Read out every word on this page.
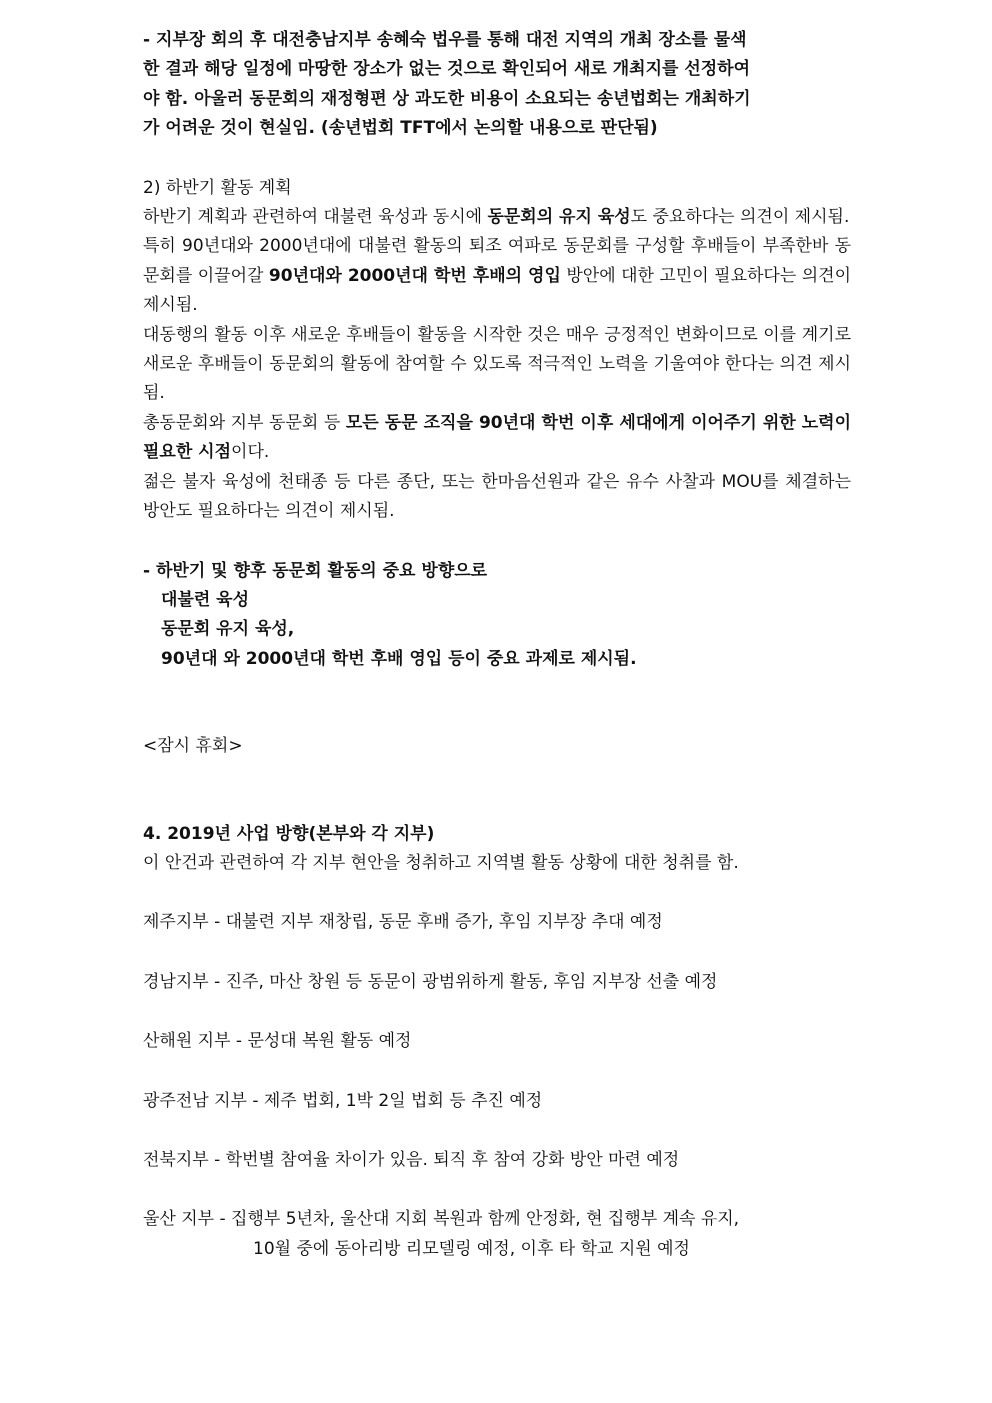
- 지부장 회의 후 대전충남지부 송혜숙 법우를 통해 대전 지역의 개최 장소를 물색

한 결과 해당 일정에 마땅한 장소가 없는 것으로 확인되어 새로 개최지를 선정하여

야 함. 아울러 동문회의 재정형편 상 과도한 비용이 소요되는 송년법회는 개최하기

가 어려운 것이 현실임. (송년법회 TFT에서 논의할 내용으로 판단됨)

2) 하반기 활동 계획

하반기 계획과 관련하여 대불련 육성과 동시에 동문회의 유지 육성도 중요하다는 의견이 제시됨.

특히 90년대와 2000년대에 대불련 활동의 퇴조 여파로 동문회를 구성할 후배들이 부족한바 동문회를 이끌어갈 90년대와 2000년대 학번 후배의 영입 방안에 대한 고민이 필요하다는 의견이 제시됨.

대동행의 활동 이후 새로운 후배들이 활동을 시작한 것은 매우 긍정적인 변화이므로 이를 계기로 새로운 후배들이 동문회의 활동에 참여할 수 있도록 적극적인 노력을 기울여야 한다는 의견 제시됨.

총동문회와 지부 동문회 등 모든 동문 조직을 90년대 학번 이후 세대에게 이어주기 위한 노력이 필요한 시점이다.

젊은 불자 육성에 천태종 등 다른 종단, 또는 한마음선원과 같은 유수 사찰과 MOU를 체결하는 방안도 필요하다는 의견이 제시됨.

- 하반기 및 향후 동문회 활동의 중요 방향으로

대불련 육성

동문회 유지 육성,

90년대 와 2000년대 학번 후배 영입 등이 중요 과제로 제시됨.

<잠시 휴회>

4. 2019년 사업 방향(본부와 각 지부)

이 안건과 관련하여 각 지부 현안을 청취하고 지역별 활동 상황에 대한 청취를 함.

제주지부 - 대불련 지부 재창립, 동문 후배 증가, 후임 지부장 추대 예정

경남지부 - 진주, 마산 창원 등 동문이 광범위하게 활동, 후임 지부장 선출 예정

산해원 지부 - 문성대 복원 활동 예정

광주전남 지부 - 제주 법회, 1박 2일 법회 등 추진 예정

전북지부 - 학번별 참여율 차이가 있음. 퇴직 후 참여 강화 방안 마련 예정

울산 지부 - 집행부 5년차, 울산대 지회 복원과 함께 안정화, 현 집행부 계속 유지,

10월 중에 동아리방 리모델링 예정, 이후 타 학교 지원 예정
